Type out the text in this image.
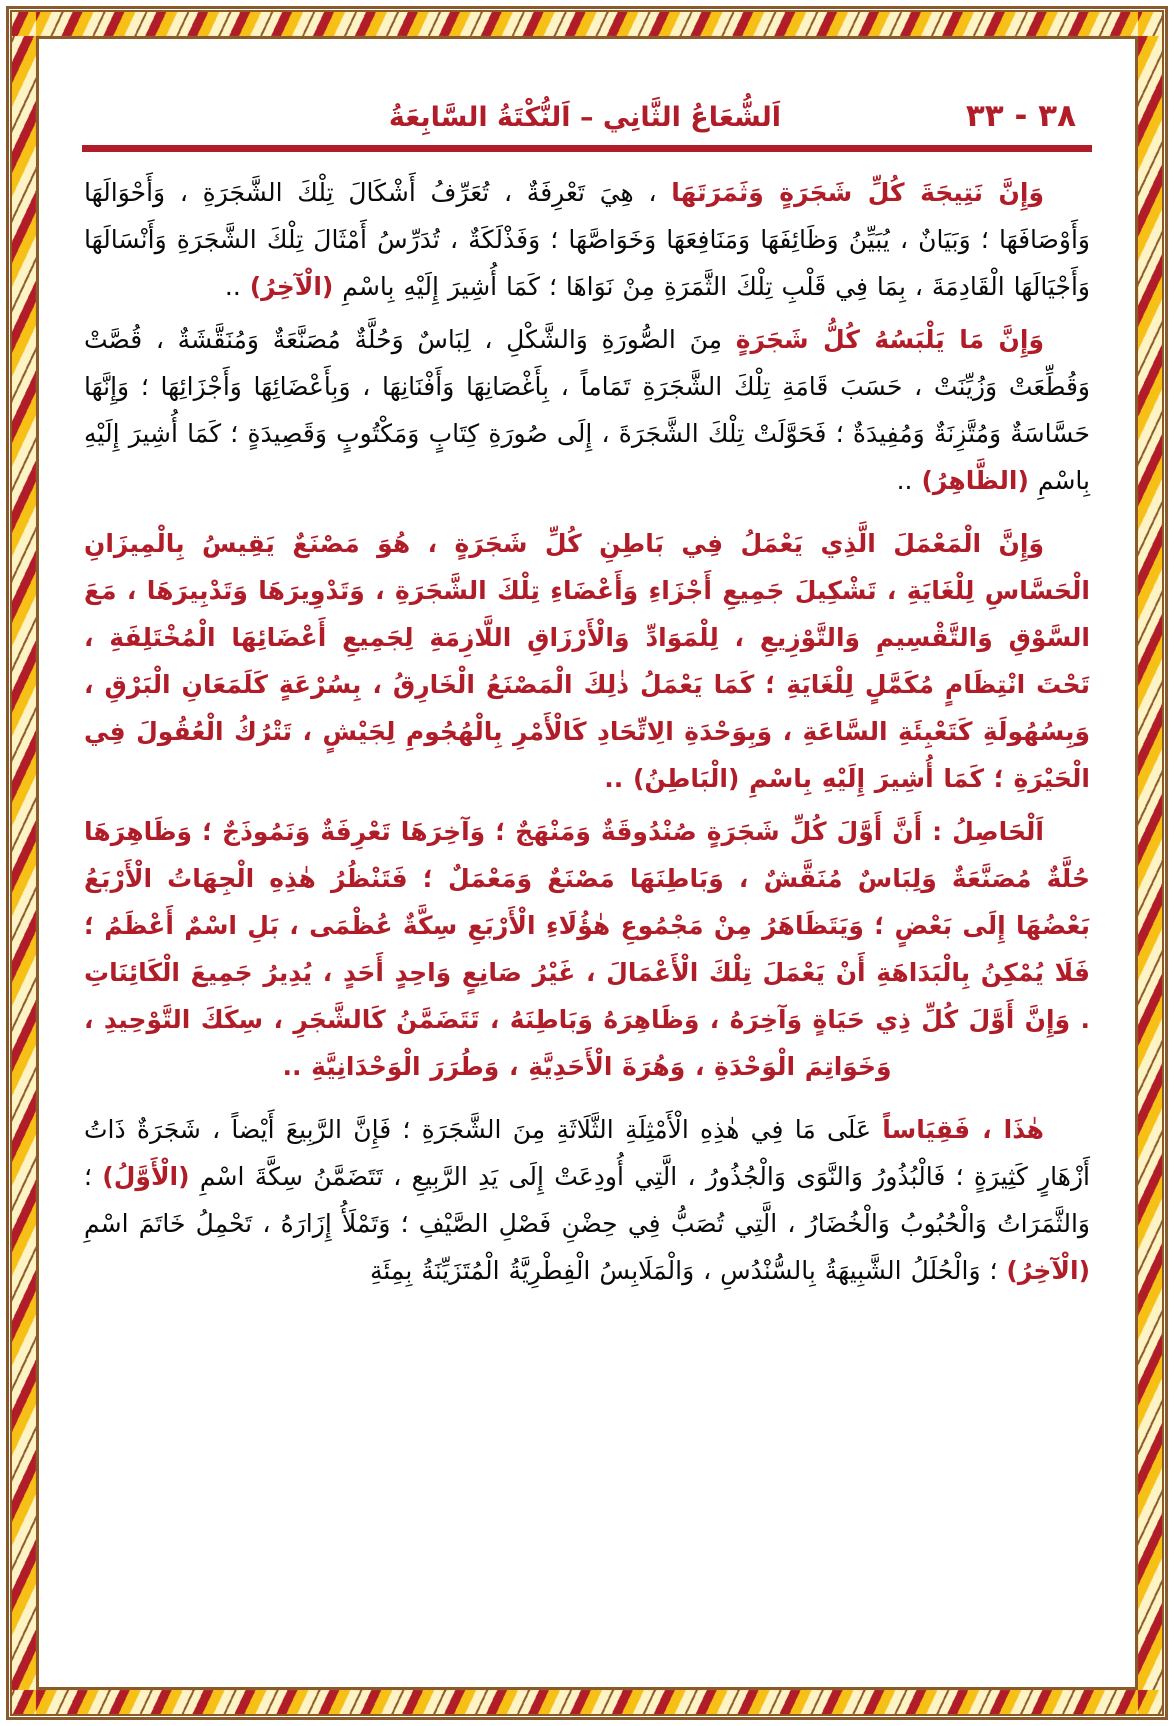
٣٨ - ٣٣
اَلشُّعَاعُ الثَّانِي – اَلنُّكْتَةُ السَّابِعَةُ

وَإِنَّ نَتِيجَةَ كُلِّ شَجَرَةٍ وَثَمَرَتَهَا ، هِيَ تَعْرِفَةٌ ، تُعَرِّفُ أَشْكَالَ تِلْكَ الشَّجَرَةِ ، وَأَحْوَالَهَا وَأَوْصَافَهَا ؛ وَبَيَانٌ ، يُبَيِّنُ وَظَائِفَهَا وَمَنَافِعَهَا وَخَوَاصَّهَا ؛ وَفَذْلَكَةٌ ، تُدَرِّسُ أَمْثَالَ تِلْكَ الشَّجَرَةِ وَأَنْسَالَهَا وَأَجْيَالَهَا الْقَادِمَةَ ، بِمَا فِي قَلْبِ تِلْكَ الثَّمَرَةِ مِنْ نَوَاهَا ؛ كَمَا أُشِيرَ إِلَيْهِ بِاسْمِ (الْآخِرُ) ..

وَإِنَّ مَا يَلْبَسُهُ كُلُّ شَجَرَةٍ مِنَ الصُّورَةِ وَالشَّكْلِ ، لِبَاسٌ وَحُلَّةٌ مُصَنَّعَةٌ وَمُنَقَّشَةٌ ، قُصَّتْ وَقُطِّعَتْ وَزُيِّنَتْ ، حَسَبَ قَامَةِ تِلْكَ الشَّجَرَةِ تَمَاماً ، بِأَغْصَانِهَا وَأَفْنَانِهَا ، وَبِأَعْضَائِهَا وَأَجْزَائِهَا ؛ وَإِنَّهَا حَسَّاسَةٌ وَمُتَّزِنَةٌ وَمُفِيدَةٌ ؛ فَحَوَّلَتْ تِلْكَ الشَّجَرَةَ ، إِلَى صُورَةِ كِتَابٍ وَمَكْتُوبٍ وَقَصِيدَةٍ ؛ كَمَا أُشِيرَ إِلَيْهِ بِاسْمِ (الظَّاهِرُ) ..

وَإِنَّ الْمَعْمَلَ الَّذِي يَعْمَلُ فِي بَاطِنِ كُلِّ شَجَرَةٍ ، هُوَ مَصْنَعٌ يَقِيسُ بِالْمِيزَانِ الْحَسَّاسِ لِلْغَايَةِ ، تَشْكِيلَ جَمِيعِ أَجْزَاءِ وَأَعْضَاءِ تِلْكَ الشَّجَرَةِ ، وَتَدْوِيرَهَا وَتَدْبِيرَهَا ، مَعَ السَّوْقِ وَالتَّقْسِيمِ وَالتَّوْزِيعِ ، لِلْمَوَادِّ وَالْأَرْزَاقِ اللَّازِمَةِ لِجَمِيعِ أَعْضَائِهَا الْمُخْتَلِفَةِ ، تَحْتَ انْتِظَامٍ مُكَمَّلٍ لِلْغَايَةِ ؛ كَمَا يَعْمَلُ ذٰلِكَ الْمَصْنَعُ الْخَارِقُ ، بِسُرْعَةٍ كَلَمَعَانِ الْبَرْقِ ، وَبِسُهُولَةِ كَتَعْبِئَةِ السَّاعَةِ ، وَبِوَحْدَةِ الِاتِّحَادِ كَالْأَمْرِ بِالْهُجُومِ لِجَيْشٍ ، تَتْرُكُ الْعُقُولَ فِي الْحَيْرَةِ ؛ كَمَا أُشِيرَ إِلَيْهِ بِاسْمِ (الْبَاطِنُ) ..

اَلْحَاصِلُ : أَنَّ أَوَّلَ كُلِّ شَجَرَةٍ صُنْدُوقَةٌ وَمَنْهَجٌ ؛ وَآخِرَهَا تَعْرِفَةٌ وَنَمُوذَجٌ ؛ وَظَاهِرَهَا حُلَّةٌ مُصَنَّعَةٌ وَلِبَاسٌ مُنَقَّشٌ ، وَبَاطِنَهَا مَصْنَعٌ وَمَعْمَلٌ ؛ فَتَنْظُرُ هٰذِهِ الْجِهَاتُ الْأَرْبَعُ بَعْضُهَا إِلَى بَعْضٍ ؛ وَيَتَظَاهَرُ مِنْ مَجْمُوعِ هٰؤُلَاءِ الْأَرْبَعِ سِكَّةٌ عُظْمَى ، بَلِ اسْمٌ أَعْظَمُ ؛ فَلَا يُمْكِنُ بِالْبَدَاهَةِ أَنْ يَعْمَلَ تِلْكَ الْأَعْمَالَ ، غَيْرُ صَانِعٍ وَاحِدٍ أَحَدٍ ، يُدِيرُ جَمِيعَ الْكَائِنَاتِ . وَإِنَّ أَوَّلَ كُلِّ ذِي حَيَاةٍ وَآخِرَهُ ، وَظَاهِرَهُ وَبَاطِنَهُ ، تَتَضَمَّنُ كَالشَّجَرِ ، سِكَكَ التَّوْحِيدِ ، وَخَوَاتِمَ الْوَحْدَةِ ، وَهُرَةَ الْأَحَدِيَّةِ ، وَطُرَرَ الْوَحْدَانِيَّةِ ..

هٰذَا ، فَقِيَاساً عَلَى مَا فِي هٰذِهِ الْأَمْثِلَةِ الثَّلَاثَةِ مِنَ الشَّجَرَةِ ؛ فَإِنَّ الرَّبِيعَ أَيْضاً ، شَجَرَةٌ ذَاتُ أَزْهَارٍ كَثِيرَةٍ ؛ فَالْبُذُورُ وَالنَّوَى وَالْجُذُورُ ، الَّتِي أُودِعَتْ إِلَى يَدِ الرَّبِيعِ ، تَتَضَمَّنُ سِكَّةَ اسْمِ (الْأَوَّلُ) ؛ وَالثَّمَرَاتُ وَالْحُبُوبُ وَالْخُضَارُ ، الَّتِي تُصَبُّ فِي حِضْنِ فَصْلِ الصَّيْفِ ؛ وَتَمْلَأُ إِزَارَهُ ، تَحْمِلُ خَاتَمَ اسْمِ (الْآخِرُ) ؛ وَالْحُلَلُ الشَّبِيهَةُ بِالسُّنْدُسِ ، وَالْمَلَابِسُ الْفِطْرِيَّةُ الْمُتَزَيِّنَةُ بِمِئَةِ
